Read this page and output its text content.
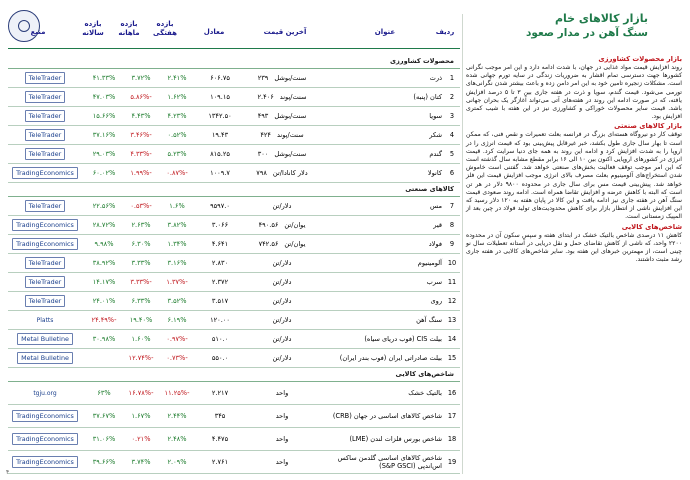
بازار کالاهای خام
سنگ آهن در مدار صعود
ردیف
عنوان
آخرین قیمت
معادل
بازده هفتگی
بازده ماهانه
بازده سالانه
منبع
محصولات کشاورزی
1
ذرت
سنت/بوشل
۲۳۹
۶۰۶.۷۵
۲.۴۱%
۳.۷۲%
۴۱.۳۳%
TeleTrader
2
کتان (پنبه)
سنت/پوند
۲.۴۰۶
۱۰۹.۱۵
۱.۶۲%
-۵.۸۶%
۴۷.۰۳%
TeleTrader
3
سویا
سنت/بوشل
۴۹۳
۱۳۴۲.۵۰
۴.۲۳%
۴.۴۳%
۱۵.۶۶%
TeleTrader
4
شکر
سنت/پوند
۴۲۴
۱۹.۴۳
۰.۵۲%
-۳.۴۶%
۳۷.۱۶%
TeleTrader
5
گندم
سنت/بوشل
۳۰۰
۸۱۵.۲۵
۵.۲۳%
-۴.۳۳%
۲۹.۰۳%
TeleTrader
6
کانولا
دلار کانادا/تن
۷۹۸
۱۰۰۹.۷
-۰.۸۷%
-۱.۹۹%
۶۰.۰۲%
TradingEconomics
کالاهای صنعتی
7
مس
دلار/تن
۹۵۹۷.۰
۱.۶%
-۰.۵۳%
۲۲.۵۶%
TeleTrader
8
قیر
یوان/تن
۴۹۰.۵۶
۳.۰۶۶
۳.۸۲%
۲.۶۳%
۲۸.۷۲%
TradingEconomics
9
فولاد
یوان/تن
۷۴۲.۵۶
۴.۶۴۱
۱.۳۴%
۶.۳۰%
۹.۹۸%
TradingEconomics
10
آلومینیوم
دلار/تن
۲.۸۳۰
۳.۱۶%
۳.۳۳%
۳۸.۹۲%
TeleTrader
11
سرب
دلار/تن
۲.۳۷۲
-۱.۳۷%
-۳.۳۳%
۱۴.۱۷%
TeleTrader
12
روی
دلار/تن
۳.۵۱۷
۳.۵۲%
۶.۳۳%
۲۴.۰۱%
TeleTrader
13
سنگ آهن
دلار/تن
۱۲۰.۰۰
۶.۱۹%
۱۹.۴۰%
-۲۴.۴۹%
Platts
14
بیلت CIS (فوب دریای سیاه)
دلار/تن
۵۱۰.۰
-۰.۹۷%
۱.۶۰%
۳۰.۹۸%
Metal Bulletine
15
بیلت صادراتی ایران (فوب بندر ایران)
دلار/تن
۵۵۰.۰
-۰.۷۳%
-۱۲.۷۴%
Metal Bulletine
شاخص‌های کالایی
16
بالتیک خشک
واحد
۲.۲۱۷
-۱۱.۲۵%
-۱۶.۷۸%
۶۳%
tgju.org
17
شاخص کالاهای اساسی در جهان (CRB)
واحد
۳۴۵
۲.۴۴%
۱.۶۷%
۳۷.۶۷%
TradingEconomics
18
شاخص بورس فلزات لندن (LME)
واحد
۴.۴۷۵
۲.۴۸%
۰.۲۱%
۳۱.۰۶%
TradingEconomics
19
شاخص کالاهای اساسی گلدمن ساکس اس‌اندپی (S&P GSCI)
واحد
۲.۷۶۱
۲.۰۹%
۳.۷۴%
۳۹.۶۶%
TradingEconomics
بازار محصولات کشاورزی

روند افزایش قیمت مواد غذایی در جهان، با شدت ادامه دارد و این امر موجب نگرانی کشورها جهت دسترسی تمام اقشار به ضروریات زندگی در سایه تورم جهانی شده است. مشکلات زنجیره تامین خود به این امر دامن زده و باعث بیشتر شدن نگرانی‌های تورمی می‌شود. قیمت گندم، سویا و ذرت در هفته جاری بین ۳ تا ۵ درصد افزایش یافته، که در صورت ادامه این روند در هفته‌های آتی می‌تواند آغازگر یک بحران جهانی باشد. قیمت سایر محصولات خوراکی و کشاورزی نیز در این هفته با شیب کمتری افزایش بود.

بازار کالاهای صنعتی

توقف کار دو نیروگاه هسته‌ای بزرگ در فرانسه بعلت تعمیرات و نقص فنی، که ممکن است تا بهار سال جاری طول بکشد، خبر غیرقابل پیش‌بینی بود که قیمت انرژی را در اروپا را به شدت افزایش کرد و ادامه این روند به همه جای دنیا سرایت کرد. قیمت انرژی در کشورهای اروپایی اکنون بین ۱۰ الی ۱۶ برابر مقطع مشابه سال گذشته است که این امر موجب توقف فعالیت بخش‌های صنعتی خواهد شد. گفتنی است خاموش شدن استخراج‌های آلومینیوم بعلت مصرف بالای انرژی موجب افزایش قیمت این فلز خواهد شد. پیش‌بینی قیمت مس برای سال جاری در محدوده ۹۸۰۰ دلار در هر تن است که البته با کاهش عرضه و افزایش تقاضا همراه است. ادامه روند صعودی قیمت سنگ آهن در هفته جاری نیز ادامه یافت و این کالا در پایان هفته به ۱۲۰ دلار رسید که این افزایش ناشی از انتظار بازار برای کاهش محدودیت‌های تولید فولاد در چین بعد از المپیک زمستانی است.

شاخص‌های کالایی

کاهش ۱۱ درصدی شاخص بالتیک خشک در ابتدای هفته و سپس سکون آن در محدوده ۲۲۰۰ واحد، که ناشی از کاهش تقاضای حمل و نقل دریایی در آستانه تعطیلات سال نو چینی است، از مهمترین خبرهای این هفته بود. سایر شاخص‌های کالایی در هفته جاری رشد مثبت داشتند.

۴
